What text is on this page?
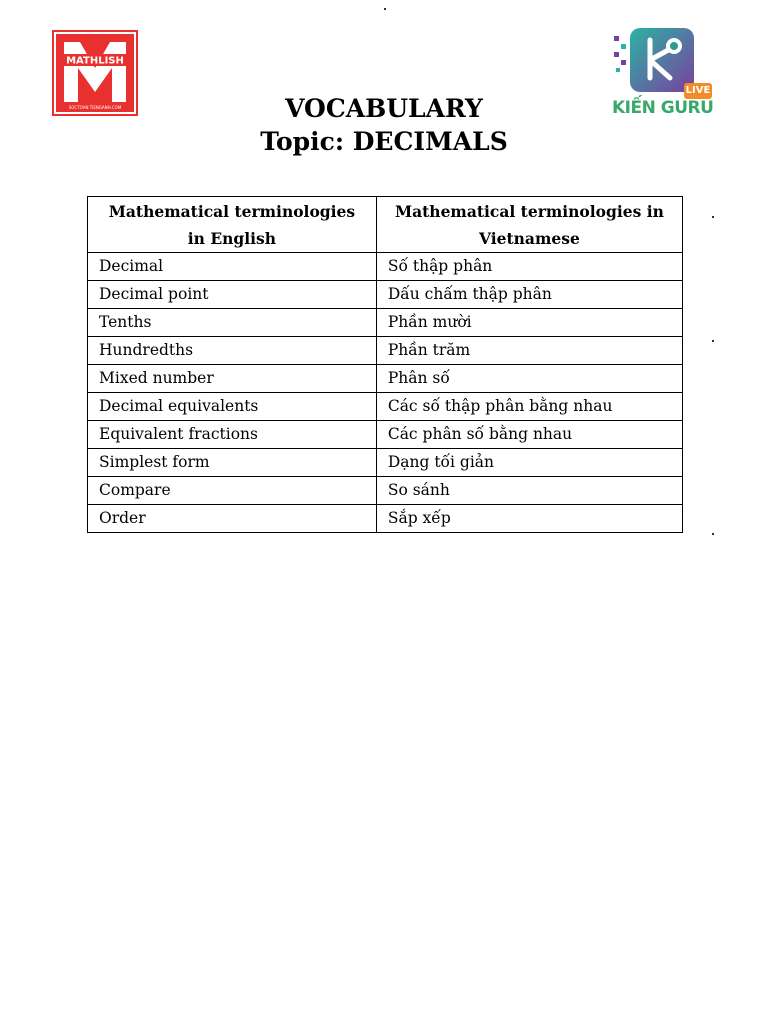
MATHLISH
SOCTOAN TIENGANH.COM
LIVE
KIẾN GURU
VOCABULARY
Topic: DECIMALS
Mathematical terminologies in English	Mathematical terminologies in Vietnamese
Decimal	Số thập phân
Decimal point	Dấu chấm thập phân
Tenths	Phần mười
Hundredths	Phần trăm
Mixed number	Phân số
Decimal equivalents	Các số thập phân bằng nhau
Equivalent fractions	Các phân số bằng nhau
Simplest form	Dạng tối giản
Compare	So sánh
Order	Sắp xếp
